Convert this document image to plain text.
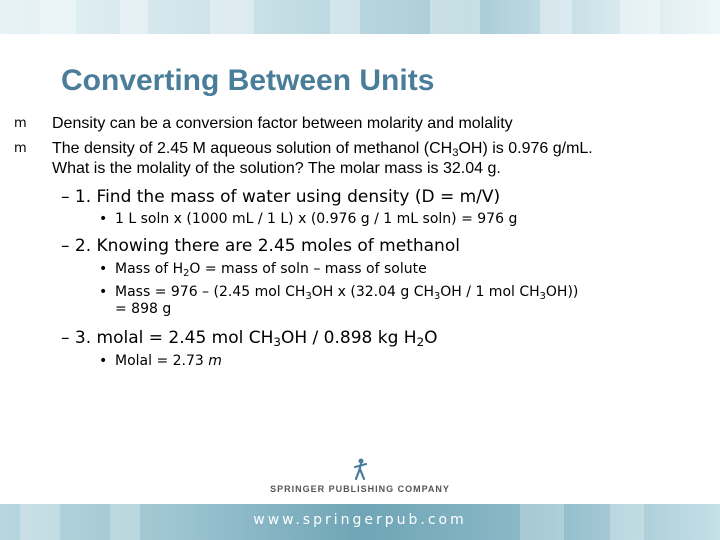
Converting Between Units
Density can be a conversion factor between molarity and molality
m
m	The density of 2.45 M aqueous solution of methanol $(CH_3OH)$ is 0.976 g/mL.
What is the molality of the solution? The molar mass is 32.04 g.
– 1. Find the mass of water using density (D = m/V)
• 1 L soln x (1000 mL / 1 L) x (0.976 g / 1 mL soln) = 976 g
– 2. Knowing there are 2.45 moles of methanol
• Mass of $H_2O$ = mass of soln – mass of solute
• Mass = 976 – (2.45 mol $CH_3OH$ x (32.04 g $CH_3OH / 1$ mol $CH_3OH$))
= 898 g
– 3. molal = 2.45 mol $CH_3OH / 0.898$ kg $H_2O$
• Molal = 2.73 m
SPRINGER PUBLISHING COMPANY
www.springerpub.com
